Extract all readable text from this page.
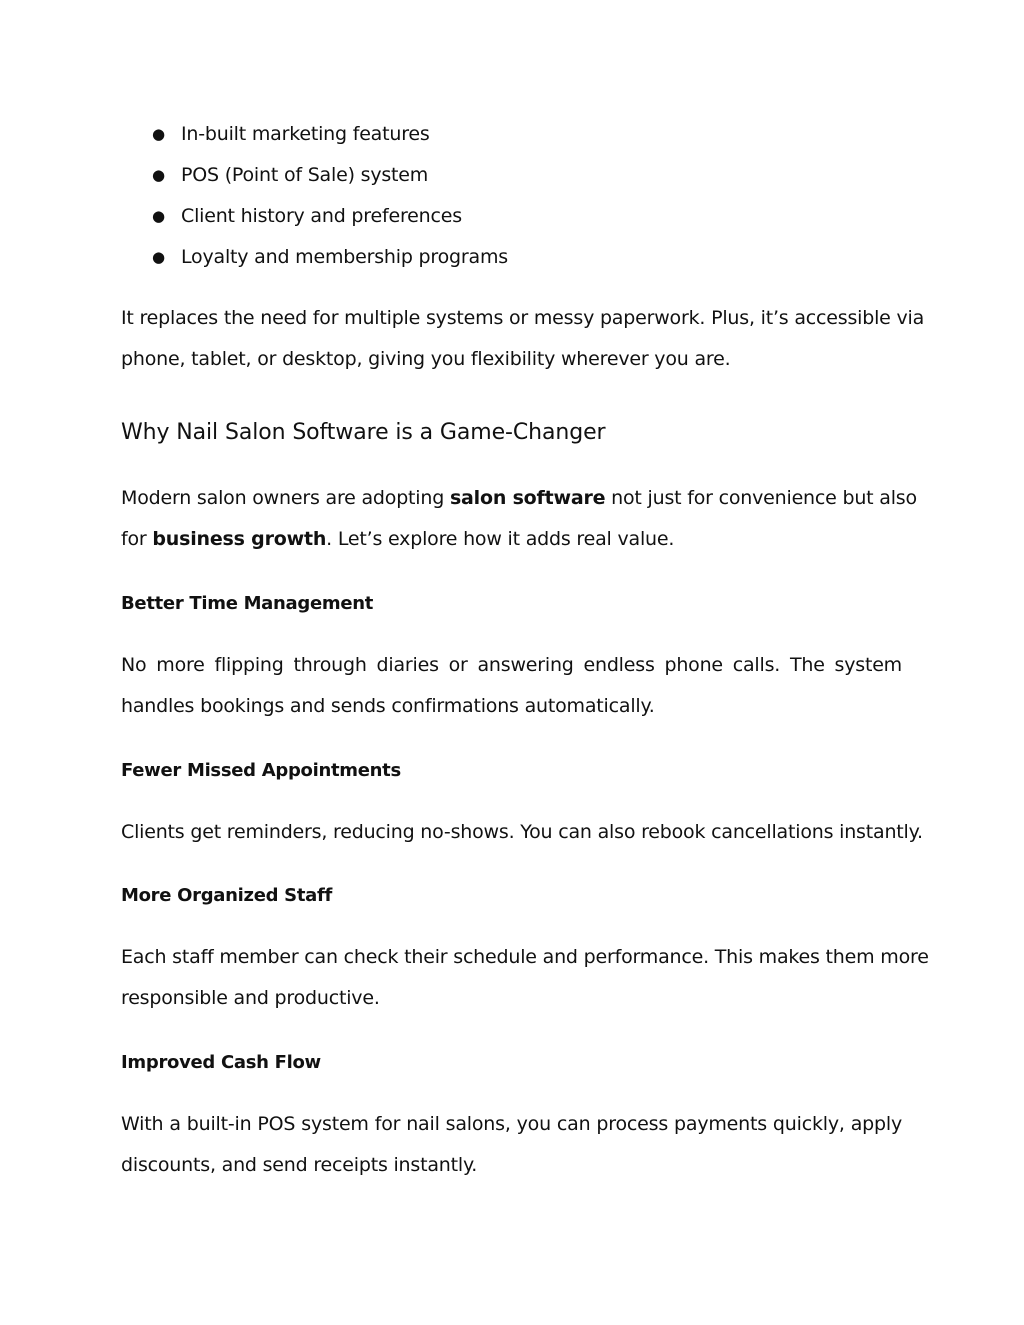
● In-built marketing features
● POS (Point of Sale) system
● Client history and preferences
● Loyalty and membership programs
It replaces the need for multiple systems or messy paperwork. Plus, it’s accessible via
phone, tablet, or desktop, giving you flexibility wherever you are.
Why Nail Salon Software is a Game-Changer
Modern salon owners are adopting salon software not just for convenience but also
for business growth. Let’s explore how it adds real value.
Better Time Management
No more flipping through diaries or answering endless phone calls. The system
handles bookings and sends confirmations automatically.
Fewer Missed Appointments
Clients get reminders, reducing no-shows. You can also rebook cancellations instantly.
More Organized Staff
Each staff member can check their schedule and performance. This makes them more
responsible and productive.
Improved Cash Flow
With a built-in POS system for nail salons, you can process payments quickly, apply
discounts, and send receipts instantly.
